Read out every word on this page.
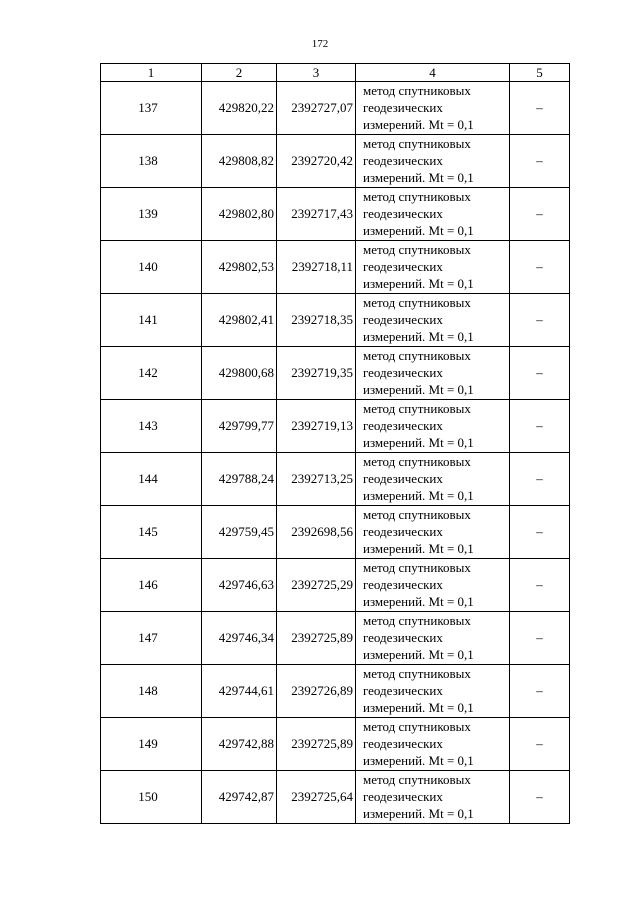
172
1	2	3	4	5
137	429820,22	2392727,07	метод спутниковых
геодезических
измерений. Mt = 0,1	–
138	429808,82	2392720,42	метод спутниковых
геодезических
измерений. Mt = 0,1	–
139	429802,80	2392717,43	метод спутниковых
геодезических
измерений. Mt = 0,1	–
140	429802,53	2392718,11	метод спутниковых
геодезических
измерений. Mt = 0,1	–
141	429802,41	2392718,35	метод спутниковых
геодезических
измерений. Mt = 0,1	–
142	429800,68	2392719,35	метод спутниковых
геодезических
измерений. Mt = 0,1	–
143	429799,77	2392719,13	метод спутниковых
геодезических
измерений. Mt = 0,1	–
144	429788,24	2392713,25	метод спутниковых
геодезических
измерений. Mt = 0,1	–
145	429759,45	2392698,56	метод спутниковых
геодезических
измерений. Mt = 0,1	–
146	429746,63	2392725,29	метод спутниковых
геодезических
измерений. Mt = 0,1	–
147	429746,34	2392725,89	метод спутниковых
геодезических
измерений. Mt = 0,1	–
148	429744,61	2392726,89	метод спутниковых
геодезических
измерений. Mt = 0,1	–
149	429742,88	2392725,89	метод спутниковых
геодезических
измерений. Mt = 0,1	–
150	429742,87	2392725,64	метод спутниковых
геодезических
измерений. Mt = 0,1	–
